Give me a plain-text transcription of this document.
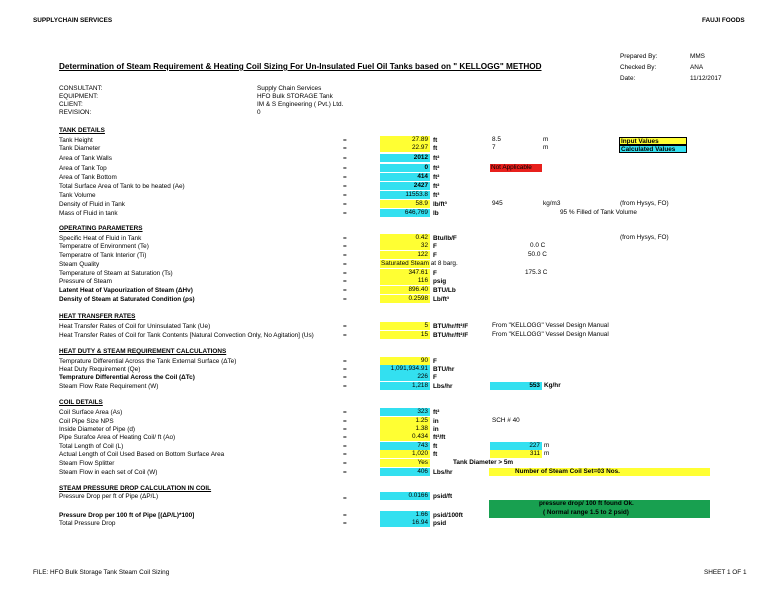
SUPPLYCHAIN SERVICES	FAUJI FOODS
Determination of Steam Requirement & Heating Coil Sizing For Un-Insulated Fuel Oil Tanks based on " KELLOGG" METHOD
Prepared By:	MMS
Checked By:	ANA
Date:	11/12/2017
CONSULTANT:	Supply Chain Services
EQUIPMENT:	HFO Bulk STORAGE Tank
CLIENT:	IM & S Engineering ( Pvt.) Ltd.
REVISION:	0
Input Values
Calculated Values
TANK DETAILS
Tank Height	=	27.89 ft	8.5	m
Tank Diameter	=	22.97 ft	7	m
Area of Tank Walls	=	2012 ft²
Area of Tank Top	=	0 ft²	Not Applicable
Area of Tank Bottom	=	414 ft²
Total Surface Area of Tank to be heated (Ae)	=	2427 ft²
Tank Volume	=	11553.8 ft³
Density of Fluid in Tank	=	58.9 lb/ft³	945	kg/m3	(from Hysys, FO)
Mass of Fluid in tank	=	646,769 lb	95 % Filled of Tank Volume
OPERATING PARAMETERS
Specific Heat of Fluid in Tank	=	0.42 Btu/lb/F	(from Hysys, FO)
Temperatre of Environment (Te)	=	32 F	0.0 C
Temperatre of Tank Interior (Ti)	=	122 F	50.0 C
Steam Quality	=	Saturated Steam at 8 barg.
Temperature of Steam at Saturation (Ts)	=	347.61 F	175.3 C
Pressure of Steam	=	116 psig
Latent Heat of Vapourization of Steam (ΔHv)	=	896.40 BTU/Lb
Density of Steam at Saturated Condition (ρs)	=	0.2598 Lb/ft³
HEAT TRANSFER RATES
Heat Transfer Rates of Coil for Uninsulated Tank (Ue)	=	5 BTU/hr/ft²/F	From "KELLOGG" Vessel Design Manual
Heat Transfer Rates of Coil for Tank Contents [Natural Convection Only, No Agitation] (Us)	=	15 BTU/hr/ft²/F	From "KELLOGG" Vessel Design Manual
HEAT DUTY & STEAM REQUIREMENT CALCULATIONS
Temprature Differential Across the Tank External Surface (ΔTe)	=	90 F
Heat Duty Requirement (Qe)	=	1,091,934.91 BTU/hr
Temprature Differential Across the Coil (ΔTc)	=	226 F
Steam Flow Rate Requirement (W)	=	1,218 Lbs/hr	553 Kg/hr
COIL DETAILS
Coil Surface Area (As)	=	323 ft²
Coil Pipe Size NPS	=	1.25 in	SCH # 40
Inside Diameter of Pipe (d)	=	1.38 in
Pipe Surafce Area of Heating Coil/ ft (Ao)	=	0.434 ft²/ft
Total Length of Coil (L)	=	743 ft	227 m
Actual Length of Coil Used Based on Bottom Surface Area	=	1,020 ft	311 m
Steam Flow Splitter	=	Yes	Tank Diameter > 5m
Steam Flow in each set of Coil (W)	=	406 Lbs/hr	Number of Steam Coil Set=03 Nos.
STEAM PRESSURE DROP CALCULATION IN COIL
Pressure Drop per ft of Pipe (ΔP/L)	=	0.0166 psid/ft
Pressure Drop per 100 ft of Pipe [(ΔP/L)*100]	=	1.66 psid/100ft
Total Pressure Drop	=	16.94 psid
pressure drop/ 100 ft found Ok.
( Normal range 1.5 to 2 psid)
FILE: HFO Bulk Storage Tank Steam Coil Sizing	SHEET 1 OF 1
